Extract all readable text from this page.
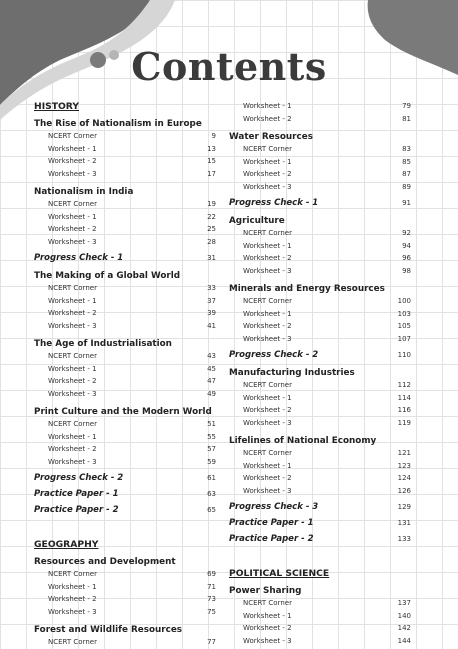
Contents
HISTORY
The Rise of Nationalism in Europe
NCERT Corner	9
Worksheet - 1	13
Worksheet - 2	15
Worksheet - 3	17
Nationalism in India
NCERT Corner	19
Worksheet - 1	22
Worksheet - 2	25
Worksheet - 3	28
Progress Check - 1	31
The Making of a Global World
NCERT Corner	33
Worksheet - 1	37
Worksheet - 2	39
Worksheet - 3	41
The Age of Industrialisation
NCERT Corner	43
Worksheet - 1	45
Worksheet - 2	47
Worksheet - 3	49
Print Culture and the Modern World
NCERT Corner	51
Worksheet - 1	55
Worksheet - 2	57
Worksheet - 3	59
Progress Check - 2	61
Practice Paper - 1	63
Practice Paper - 2	65
GEOGRAPHY
Resources and Development
NCERT Corner	69
Worksheet - 1	71
Worksheet - 2	73
Worksheet - 3	75
Forest and Wildlife Resources
NCERT Corner	77
Worksheet - 1	79
Worksheet - 2	81
Water Resources
NCERT Corner	83
Worksheet - 1	85
Worksheet - 2	87
Worksheet - 3	89
Progress Check - 1	91
Agriculture
NCERT Corner	92
Worksheet - 1	94
Worksheet - 2	96
Worksheet - 3	98
Minerals and Energy Resources
NCERT Corner	100
Worksheet - 1	103
Worksheet - 2	105
Worksheet - 3	107
Progress Check - 2	110
Manufacturing Industries
NCERT Corner	112
Worksheet - 1	114
Worksheet - 2	116
Worksheet - 3	119
Lifelines of National Economy
NCERT Corner	121
Worksheet - 1	123
Worksheet - 2	124
Worksheet - 3	126
Progress Check - 3	129
Practice Paper - 1	131
Practice Paper - 2	133
POLITICAL SCIENCE
Power Sharing
NCERT Corner	137
Worksheet - 1	140
Worksheet - 2	142
Worksheet - 3	144
